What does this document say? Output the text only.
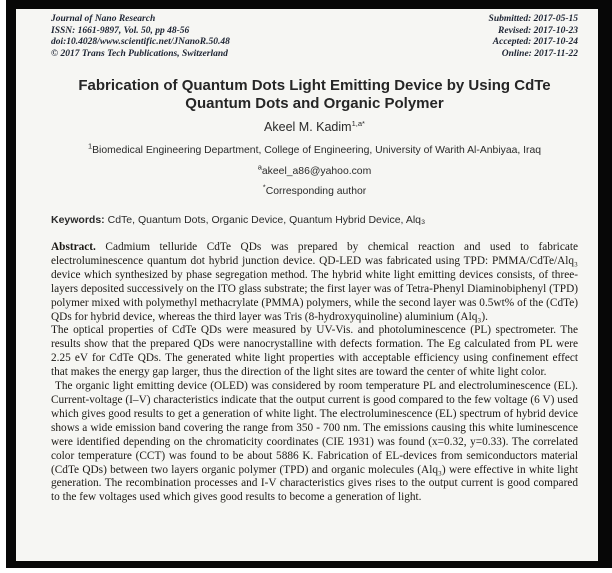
Journal of Nano Research
ISSN: 1661-9897, Vol. 50, pp 48-56
doi:10.4028/www.scientific.net/JNanoR.50.48
© 2017 Trans Tech Publications, Switzerland
Submitted: 2017-05-15
Revised: 2017-10-23
Accepted: 2017-10-24
Online: 2017-11-22
Fabrication of Quantum Dots Light Emitting Device by Using CdTe Quantum Dots and Organic Polymer
Akeel M. Kadim$^{1,a*}$
$^1$Biomedical Engineering Department, College of Engineering, University of Warith Al-Anbiyaa, Iraq
$^a$akeel_a86@yahoo.com
*Corresponding author
Keywords: CdTe, Quantum Dots, Organic Device, Quantum Hybrid Device, Alq₃

Abstract. Cadmium telluride CdTe QDs was prepared by chemical reaction and used to fabricate electroluminescence quantum dot hybrid junction device. QD-LED was fabricated using TPD: PMMA/CdTe/Alq₃ device which synthesized by phase segregation method. The hybrid white light emitting devices consists, of three-layers deposited successively on the ITO glass substrate; the first layer was of Tetra-Phenyl Diaminobiphenyl (TPD) polymer mixed with polymethyl methacrylate (PMMA) polymers, while the second layer was 0.5wt% of the (CdTe) QDs for hybrid device, whereas the third layer was Tris (8-hydroxyquinoline) aluminium (Alq₃).

The optical properties of CdTe QDs were measured by UV-Vis. and photoluminescence (PL) spectrometer. The results show that the prepared QDs were nanocrystalline with defects formation. The Eg calculated from PL were 2.25 eV for CdTe QDs. The generated white light properties with acceptable efficiency using confinement effect that makes the energy gap larger, thus the direction of the light sites are toward the center of white light color.

The organic light emitting device (OLED) was considered by room temperature PL and electroluminescence (EL). Current-voltage (I–V) characteristics indicate that the output current is good compared to the few voltage (6 V) used which gives good results to get a generation of white light. The electroluminescence (EL) spectrum of hybrid device shows a wide emission band covering the range from 350 - 700 nm. The emissions causing this white luminescence were identified depending on the chromaticity coordinates (CIE 1931) was found (x=0.32, y=0.33). The correlated color temperature (CCT) was found to be about 5886 K. Fabrication of EL-devices from semiconductors material (CdTe QDs) between two layers organic polymer (TPD) and organic molecules (Alq₃) were effective in white light generation. The recombination processes and I-V characteristics gives rises to the output current is good compared to the few voltages used which gives good results to become a generation of light.
